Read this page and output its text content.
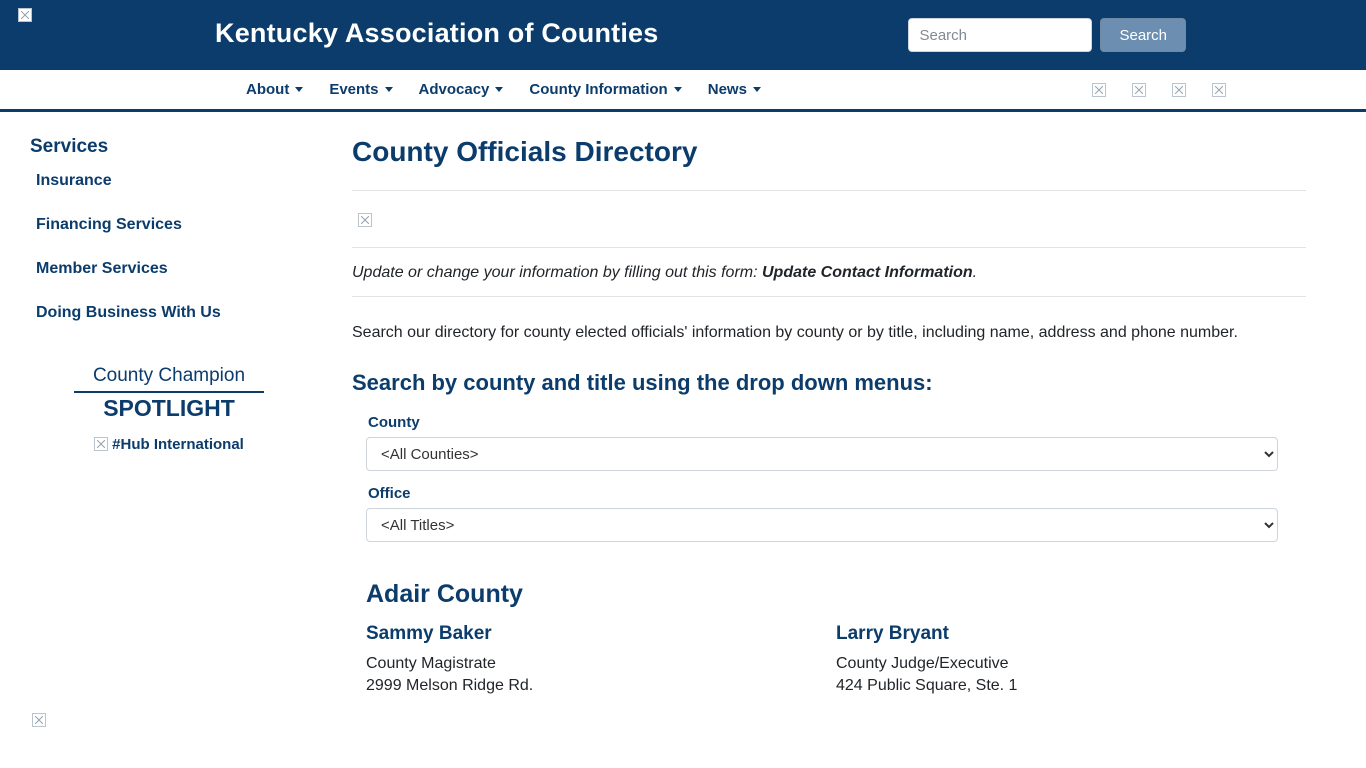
Kentucky Association of Counties
Search	Search
About	Events	Advocacy	County Information	News
Services
Insurance
Financing Services
Member Services
Doing Business With Us
County Champion
SPOTLIGHT
#Hub International
County Officials Directory
Update or change your information by filling out this form: Update Contact Information.

Search our directory for county elected officials' information by county or by title, including name, address and phone number.

Search by county and title using the drop down menus:
County
<All Counties>
Office
<All Titles>
Adair County
Sammy Baker
County Magistrate
2999 Melson Ridge Rd.
Larry Bryant
County Judge/Executive
424 Public Square, Ste. 1
